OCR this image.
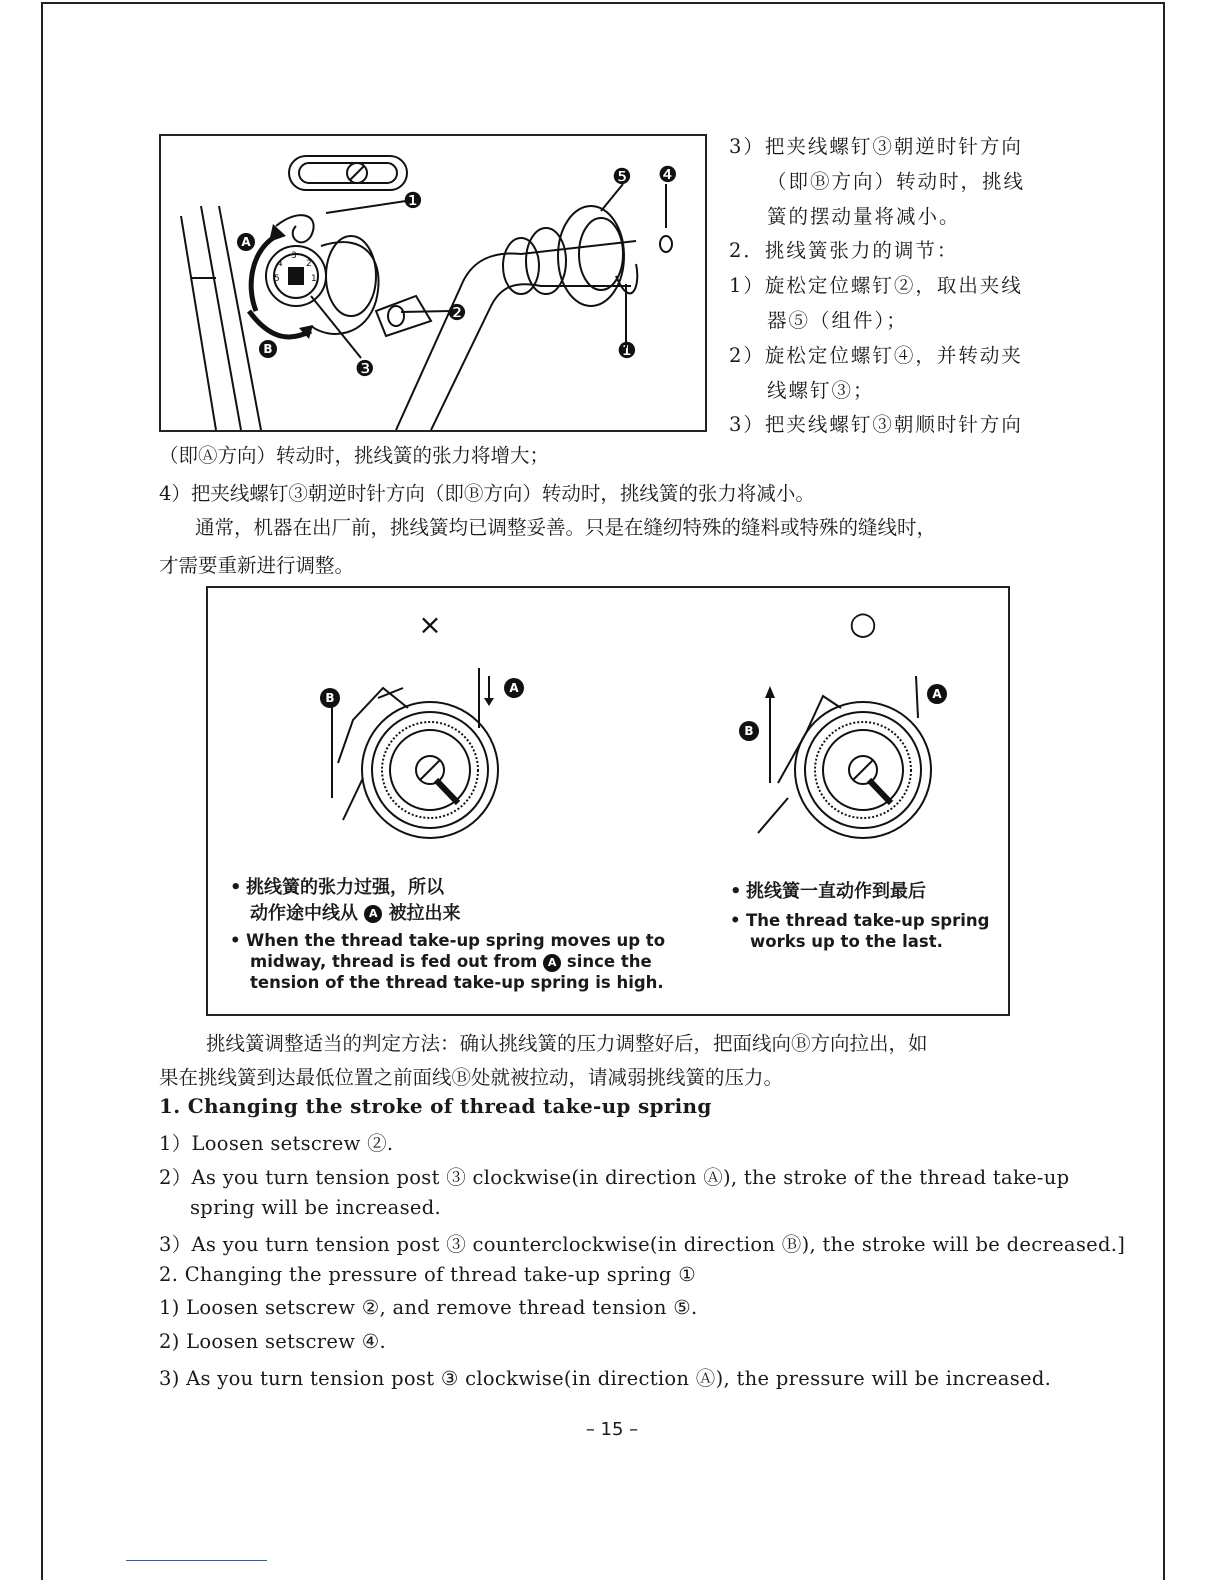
3
2
1
4
5
❶
❷
❸
❹
❺
❶
A
B
3）把夹线螺钉③朝逆时针方向
（即Ⓑ方向）转动时，挑线
簧的摆动量将减小。
2．挑线簧张力的调节：
1）旋松定位螺钉②，取出夹线
器⑤（组件）；
2）旋松定位螺钉④，并转动夹
线螺钉③；
3）把夹线螺钉③朝顺时针方向
（即Ⓐ方向）转动时，挑线簧的张力将增大；
4）把夹线螺钉③朝逆时针方向（即Ⓑ方向）转动时，挑线簧的张力将减小。
通常，机器在出厂前，挑线簧均已调整妥善。只是在缝纫特殊的缝料或特殊的缝线时，
才需要重新进行调整。
×	○
B
A
B
A
• 挑线簧的张力过强，所以
动作途中线从 A 被拉出来
• When the thread take-up spring moves up to
midway, thread is fed out from A since the
tension of the thread take-up spring is high.
• 挑线簧一直动作到最后
• The thread take-up spring
works up to the last.
挑线簧调整适当的判定方法：确认挑线簧的压力调整好后，把面线向Ⓑ方向拉出，如
果在挑线簧到达最低位置之前面线Ⓑ处就被拉动，请减弱挑线簧的压力。
1. Changing the stroke of thread take-up spring
1）Loosen setscrew ②.
2）As you turn tension post ③ clockwise(in direction Ⓐ), the stroke of the thread take-up
spring will be increased.
3）As you turn tension post ③ counterclockwise(in direction Ⓑ), the stroke will be decreased.]
2. Changing the pressure of thread take-up spring ①
1) Loosen setscrew ②, and remove thread tension ⑤.
2) Loosen setscrew ④.
3) As you turn tension post ③ clockwise(in direction Ⓐ), the pressure will be increased.
– 15 –
